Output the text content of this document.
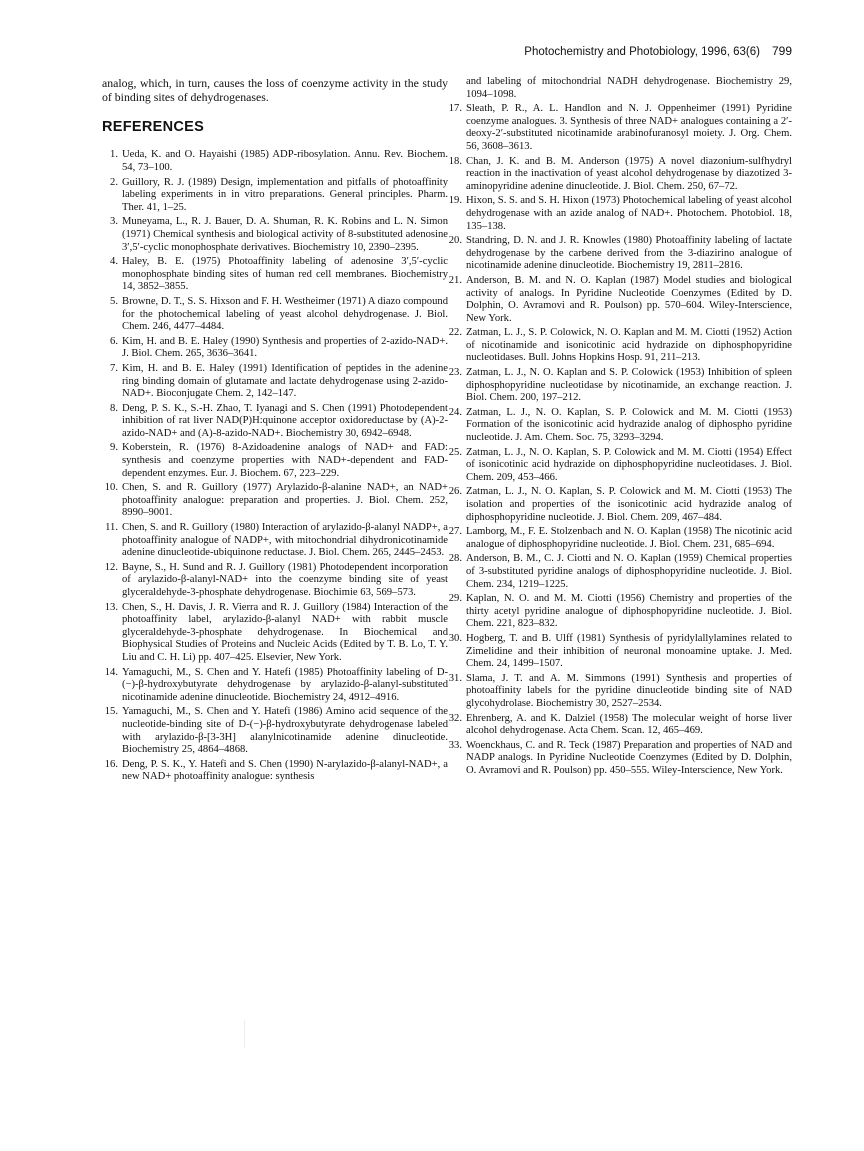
Photochemistry and Photobiology, 1996, 63(6) 799

analog, which, in turn, causes the loss of coenzyme activity in the study of binding sites of dehydrogenases.

REFERENCES
1. Ueda, K. and O. Hayaishi (1985) ADP-ribosylation. Annu. Rev. Biochem. 54, 73–100.
2. Guillory, R. J. (1989) Design, implementation and pitfalls of photoaffinity labeling experiments in in vitro preparations. General principles. Pharm. Ther. 41, 1–25.
3. Muneyama, L., R. J. Bauer, D. A. Shuman, R. K. Robins and L. N. Simon (1971) Chemical synthesis and biological activity of 8-substituted adenosine 3′,5′-cyclic monophosphate derivatives. Biochemistry 10, 2390–2395.
4. Haley, B. E. (1975) Photoaffinity labeling of adenosine 3′,5′-cyclic monophosphate binding sites of human red cell membranes. Biochemistry 14, 3852–3855.
5. Browne, D. T., S. S. Hixson and F. H. Westheimer (1971) A diazo compound for the photochemical labeling of yeast alcohol dehydrogenase. J. Biol. Chem. 246, 4477–4484.
6. Kim, H. and B. E. Haley (1990) Synthesis and properties of 2-azido-NAD+. J. Biol. Chem. 265, 3636–3641.
7. Kim, H. and B. E. Haley (1991) Identification of peptides in the adenine ring binding domain of glutamate and lactate dehydrogenase using 2-azido-NAD+. Bioconjugate Chem. 2, 142–147.
8. Deng, P. S. K., S.-H. Zhao, T. Iyanagi and S. Chen (1991) Photodependent inhibition of rat liver NAD(P)H:quinone acceptor oxidoreductase by (A)-2-azido-NAD+ and (A)-8-azido-NAD+. Biochemistry 30, 6942–6948.
9. Koberstein, R. (1976) 8-Azidoadenine analogs of NAD+ and FAD: synthesis and coenzyme properties with NAD+-dependent and FAD-dependent enzymes. Eur. J. Biochem. 67, 223–229.
10. Chen, S. and R. Guillory (1977) Arylazido-β-alanine NAD+, an NAD+ photoaffinity analogue: preparation and properties. J. Biol. Chem. 252, 8990–9001.
11. Chen, S. and R. Guillory (1980) Interaction of arylazido-β-alanyl NADP+, a photoaffinity analogue of NADP+, with mitochondrial dihydronicotinamide adenine dinucleotide-ubiquinone reductase. J. Biol. Chem. 265, 2445–2453.
12. Bayne, S., H. Sund and R. J. Guillory (1981) Photodependent incorporation of arylazido-β-alanyl-NAD+ into the coenzyme binding site of yeast glyceraldehyde-3-phosphate dehydrogenase. Biochimie 63, 569–573.
13. Chen, S., H. Davis, J. R. Vierra and R. J. Guillory (1984) Interaction of the photoaffinity label, arylazido-β-alanyl NAD+ with rabbit muscle glyceraldehyde-3-phosphate dehydrogenase. In Biochemical and Biophysical Studies of Proteins and Nucleic Acids (Edited by T. B. Lo, T. Y. Liu and C. H. Li) pp. 407–425. Elsevier, New York.
14. Yamaguchi, M., S. Chen and Y. Hatefi (1985) Photoaffinity labeling of D-(−)-β-hydroxybutyrate dehydrogenase by arylazido-β-alanyl-substituted nicotinamide adenine dinucleotide. Biochemistry 24, 4912–4916.
15. Yamaguchi, M., S. Chen and Y. Hatefi (1986) Amino acid sequence of the nucleotide-binding site of D-(−)-β-hydroxybutyrate dehydrogenase labeled with arylazido-β-[3-3H] alanylnicotinamide adenine dinucleotide. Biochemistry 25, 4864–4868.
16. Deng, P. S. K., Y. Hatefi and S. Chen (1990) N-arylazido-β-alanyl-NAD+, a new NAD+ photoaffinity analogue: synthesis
and labeling of mitochondrial NADH dehydrogenase. Biochemistry 29, 1094–1098.
17. Sleath, P. R., A. L. Handlon and N. J. Oppenheimer (1991) Pyridine coenzyme analogues. 3. Synthesis of three NAD+ analogues containing a 2′-deoxy-2′-substituted nicotinamide arabinofuranosyl moiety. J. Org. Chem. 56, 3608–3613.
18. Chan, J. K. and B. M. Anderson (1975) A novel diazonium-sulfhydryl reaction in the inactivation of yeast alcohol dehydrogenase by diazotized 3-aminopyridine adenine dinucleotide. J. Biol. Chem. 250, 67–72.
19. Hixon, S. S. and S. H. Hixon (1973) Photochemical labeling of yeast alcohol dehydrogenase with an azide analog of NAD+. Photochem. Photobiol. 18, 135–138.
20. Standring, D. N. and J. R. Knowles (1980) Photoaffinity labeling of lactate dehydrogenase by the carbene derived from the 3-diazirino analogue of nicotinamide adenine dinucleotide. Biochemistry 19, 2811–2816.
21. Anderson, B. M. and N. O. Kaplan (1987) Model studies and biological activity of analogs. In Pyridine Nucleotide Coenzymes (Edited by D. Dolphin, O. Avramovi and R. Poulson) pp. 570–604. Wiley-Interscience, New York.
22. Zatman, L. J., S. P. Colowick, N. O. Kaplan and M. M. Ciotti (1952) Action of nicotinamide and isonicotinic acid hydrazide on diphosphopyridine nucleotidases. Bull. Johns Hopkins Hosp. 91, 211–213.
23. Zatman, L. J., N. O. Kaplan and S. P. Colowick (1953) Inhibition of spleen diphosphopyridine nucleotidase by nicotinamide, an exchange reaction. J. Biol. Chem. 200, 197–212.
24. Zatman, L. J., N. O. Kaplan, S. P. Colowick and M. M. Ciotti (1953) Formation of the isonicotinic acid hydrazide analog of diphospho pyridine nucleotide. J. Am. Chem. Soc. 75, 3293–3294.
25. Zatman, L. J., N. O. Kaplan, S. P. Colowick and M. M. Ciotti (1954) Effect of isonicotinic acid hydrazide on diphosphopyridine nucleotidases. J. Biol. Chem. 209, 453–466.
26. Zatman, L. J., N. O. Kaplan, S. P. Colowick and M. M. Ciotti (1953) The isolation and properties of the isonicotinic acid hydrazide analog of diphosphopyridine nucleotide. J. Biol. Chem. 209, 467–484.
27. Lamborg, M., F. E. Stolzenbach and N. O. Kaplan (1958) The nicotinic acid analogue of diphosphopyridine nucleotide. J. Biol. Chem. 231, 685–694.
28. Anderson, B. M., C. J. Ciotti and N. O. Kaplan (1959) Chemical properties of 3-substituted pyridine analogs of diphosphopyridine nucleotide. J. Biol. Chem. 234, 1219–1225.
29. Kaplan, N. O. and M. M. Ciotti (1956) Chemistry and properties of the thirty acetyl pyridine analogue of diphosphopyridine nucleotide. J. Biol. Chem. 221, 823–832.
30. Hogberg, T. and B. Ulff (1981) Synthesis of pyridylallylamines related to Zimelidine and their inhibition of neuronal monoamine uptake. J. Med. Chem. 24, 1499–1507.
31. Slama, J. T. and A. M. Simmons (1991) Synthesis and properties of photoaffinity labels for the pyridine dinucleotide binding site of NAD glycohydrolase. Biochemistry 30, 2527–2534.
32. Ehrenberg, A. and K. Dalziel (1958) The molecular weight of horse liver alcohol dehydrogenase. Acta Chem. Scan. 12, 465–469.
33. Woenckhaus, C. and R. Teck (1987) Preparation and properties of NAD and NADP analogs. In Pyridine Nucleotide Coenzymes (Edited by D. Dolphin, O. Avramovi and R. Poulson) pp. 450–555. Wiley-Interscience, New York.
